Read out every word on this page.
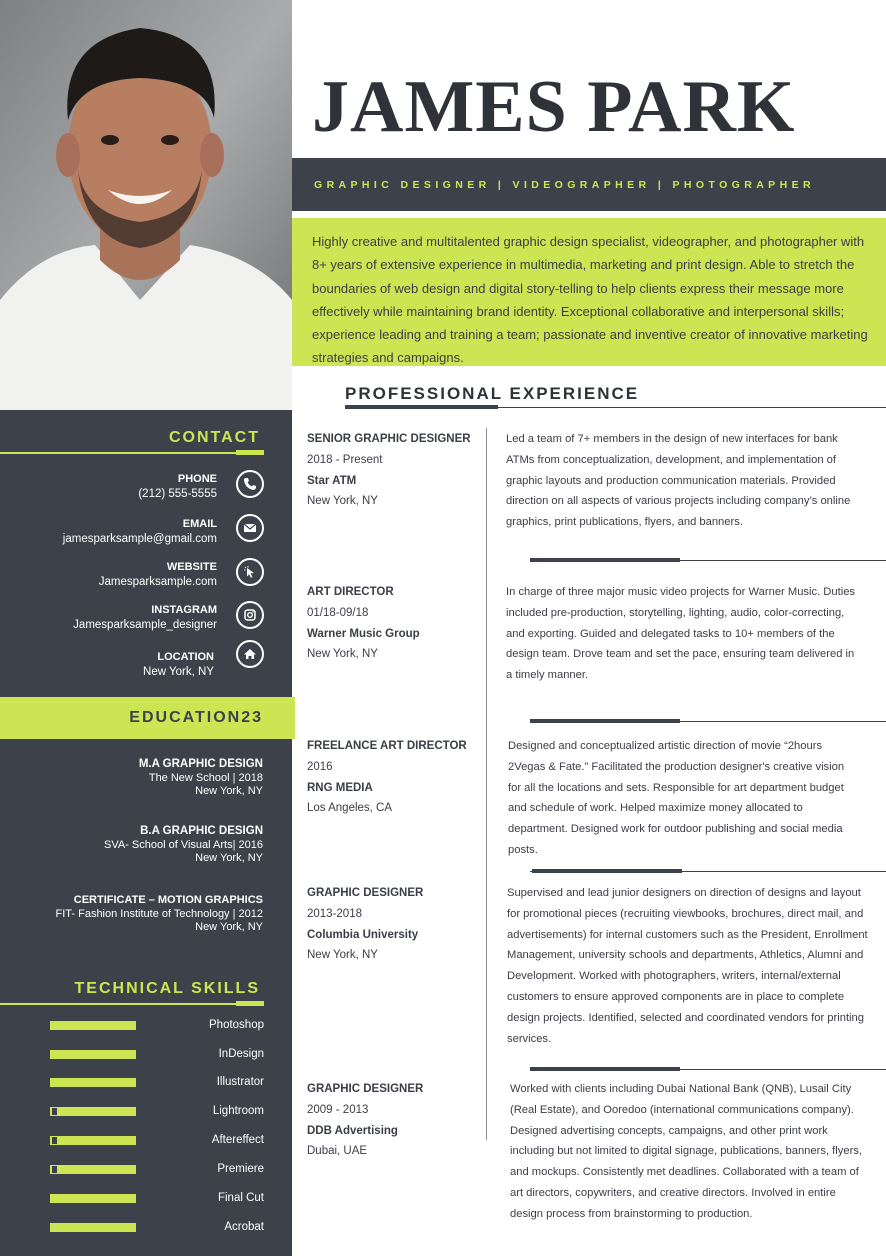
CONTACT
PHONE
(212) 555-5555
EMAIL
jamesparksample@gmail.com
WEBSITE
Jamesparksample.com
INSTAGRAM
Jamesparksample_designer
LOCATION
New York, NY
M.A GRAPHIC DESIGN
The New School | 2018
New York, NY
B.A GRAPHIC DESIGN
SVA- School of Visual Arts| 2016
New York, NY
CERTIFICATE – MOTION GRAPHICS
FIT- Fashion Institute of Technology | 2012
New York, NY
TECHNICAL SKILLS
Photoshop
InDesign
Illustrator
Lightroom
Aftereffect
Premiere
Final Cut
Acrobat
EDUCATION23
JAMES PARK
GRAPHIC DESIGNER | VIDEOGRAPHER | PHOTOGRAPHER
Highly creative and multitalented graphic design specialist, videographer, and photographer with 8+ years of extensive experience in multimedia, marketing and print design. Able to stretch the boundaries of web design and digital story-telling to help clients express their message more effectively while maintaining brand identity. Exceptional collaborative and interpersonal skills; experience leading and training a team; passionate and inventive creator of innovative marketing strategies and campaigns.
PROFESSIONAL EXPERIENCE
SENIOR GRAPHIC DESIGNER
2018 - Present
Star ATM
New York, NY
Led a team of 7+ members in the design of new interfaces for bank ATMs from conceptualization, development, and implementation of graphic layouts and production communication materials. Provided direction on all aspects of various projects including company’s online graphics, print publications, flyers, and banners.
ART DIRECTOR
01/18-09/18
Warner Music Group
New York, NY
In charge of three major music video projects for Warner Music. Duties included pre-production, storytelling, lighting, audio, color-correcting, and exporting. Guided and delegated tasks to 10+ members of the design team. Drove team and set the pace, ensuring team delivered in a timely manner.
FREELANCE ART DIRECTOR
2016
RNG MEDIA
Los Angeles, CA
Designed and conceptualized artistic direction of movie “2hours 2Vegas & Fate.” Facilitated the production designer's creative vision for all the locations and sets. Responsible for art department budget and schedule of work. Helped maximize money allocated to department. Designed work for outdoor publishing and social media posts.
GRAPHIC DESIGNER
2013-2018
Columbia University
New York, NY
Supervised and lead junior designers on direction of designs and layout for promotional pieces (recruiting viewbooks, brochures, direct mail, and advertisements) for internal customers such as the President, Enrollment Management, university schools and departments, Athletics, Alumni and Development. Worked with photographers, writers, internal/external customers to ensure approved components are in place to complete design projects. Identified, selected and coordinated vendors for printing services.
GRAPHIC DESIGNER
2009 - 2013
DDB Advertising
Dubai, UAE
Worked with clients including Dubai National Bank (QNB), Lusail City (Real Estate), and Ooredoo (international communications company). Designed advertising concepts, campaigns, and other print work including but not limited to digital signage, publications, banners, flyers, and mockups. Consistently met deadlines. Collaborated with a team of art directors, copywriters, and creative directors. Involved in entire design process from brainstorming to production.
